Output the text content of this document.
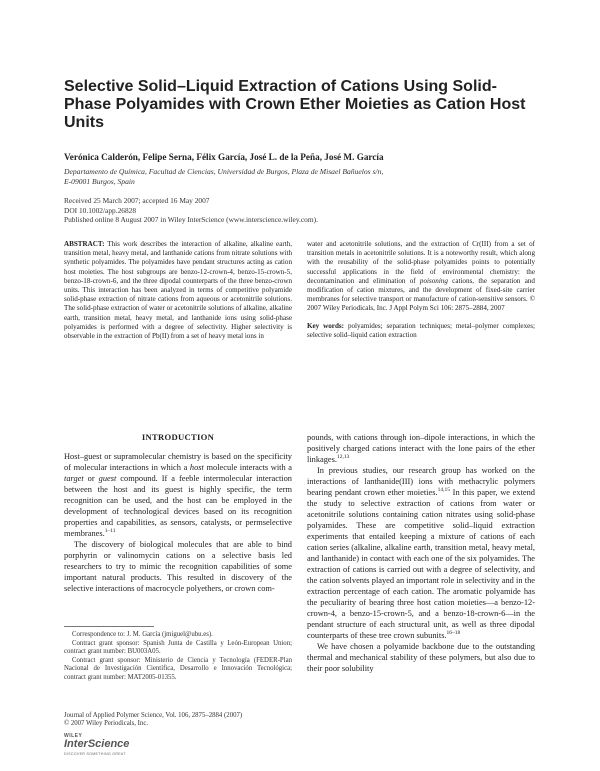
Selective Solid–Liquid Extraction of Cations Using Solid-Phase Polyamides with Crown Ether Moieties as Cation Host Units
Verónica Calderón, Felipe Serna, Félix García, José L. de la Peña, José M. García
Departamento de Química, Facultad de Ciencias, Universidad de Burgos, Plaza de Misael Bañuelos s/n,
E-09001 Burgos, Spain
Received 25 March 2007; accepted 16 May 2007
DOI 10.1002/app.26828
Published online 8 August 2007 in Wiley InterScience (www.interscience.wiley.com).
ABSTRACT: This work describes the interaction of alkaline, alkaline earth, transition metal, heavy metal, and lanthanide cations from nitrate solutions with synthetic polyamides. The polyamides have pendant structures acting as cation host moieties. The host subgroups are benzo-12-crown-4, benzo-15-crown-5, benzo-18-crown-6, and the three dipodal counterparts of the three benzo-crown units. This interaction has been analyzed in terms of competitive polyamide solid-phase extraction of nitrate cations from aqueous or acetonitrile solutions. The solid-phase extraction of water or acetonitrile solutions of alkaline, alkaline earth, transition metal, heavy metal, and lanthanide ions using solid-phase polyamides is performed with a degree of selectivity. Higher selectivity is observable in the extraction of Pb(II) from a set of heavy metal ions in
water and acetonitrile solutions, and the extraction of Cr(III) from a set of transition metals in acetonitrile solutions. It is a noteworthy result, which along with the reusability of the solid-phase polyamides points to potentially successful applications in the field of environmental chemistry: the decontamination and elimination of poisoning cations, the separation and modification of cation mixtures, and the development of fixed-site carrier membranes for selective transport or manufacture of cation-sensitive sensors. © 2007 Wiley Periodicals, Inc. J Appl Polym Sci 106: 2875–2884, 2007
Key words: polyamides; separation techniques; metal–polymer complexes; selective solid–liquid cation extraction
INTRODUCTION

Host–guest or supramolecular chemistry is based on the specificity of molecular interactions in which a host molecule interacts with a target or guest compound. If a feeble intermolecular interaction between the host and its guest is highly specific, the term recognition can be used, and the host can be employed in the development of technological devices based on its recognition properties and capabilities, as sensors, catalysts, or permselective membranes.$^{1-11}$

The discovery of biological molecules that are able to bind porphyrin or valinomycin cations on a selective basis led researchers to try to mimic the recognition capabilities of some important natural products. This resulted in discovery of the selective interactions of macrocycle polyethers, or crown com-

pounds, with cations through ion–dipole interactions, in which the positively charged cations interact with the lone pairs of the ether linkages.$^{12,13}$

In previous studies, our research group has worked on the interactions of lanthanide(III) ions with methacrylic polymers bearing pendant crown ether moieties.$^{14,15}$ In this paper, we extend the study to selective extraction of cations from water or acetonitrile solutions containing cation nitrates using solid-phase polyamides. These are competitive solid–liquid extraction experiments that entailed keeping a mixture of cations of each cation series (alkaline, alkaline earth, transition metal, heavy metal, and lanthanide) in contact with each one of the six polyamides. The extraction of cations is carried out with a degree of selectivity, and the cation solvents played an important role in selectivity and in the extraction percentage of each cation. The aromatic polyamide has the peculiarity of bearing three host cation moieties—a benzo-12-crown-4, a benzo-15-crown-5, and a benzo-18-crown-6—in the pendant structure of each structural unit, as well as three dipodal counterparts of these tree crown subunits.$^{16-18}$

We have chosen a polyamide backbone due to the outstanding thermal and mechanical stability of these polymers, but also due to their poor solubility

Correspondence to: J. M. García (jmiguel@ubu.es).

Contract grant sponsor: Spanish Junta de Castilla y León-European Union; contract grant number: BU003A05.

Contract grant sponsor: Ministerio de Ciencia y Tecnología (FEDER-Plan Nacional de Investigación Científica, Desarrollo e Innovación Tecnológica; contract grant number: MAT2005-01355.

Journal of Applied Polymer Science, Vol. 106, 2875–2884 (2007)
© 2007 Wiley Periodicals, Inc.
WILEY
InterScience
DISCOVER SOMETHING GREAT
